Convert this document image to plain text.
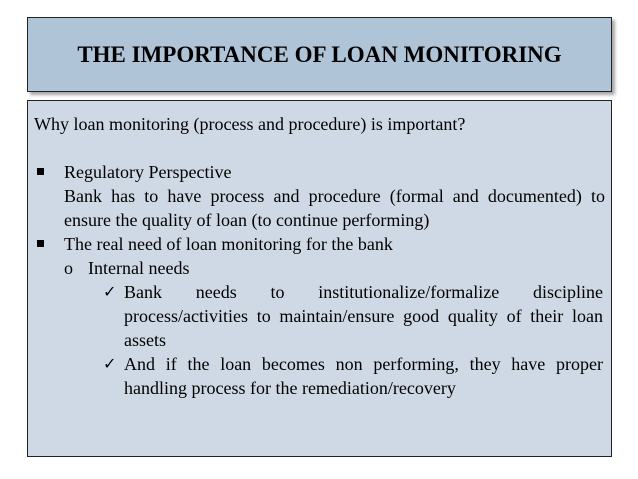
THE IMPORTANCE OF LOAN MONITORING
Why loan monitoring (process and procedure) is important?
Regulatory Perspective
Bank has to have process and procedure (formal and documented) to ensure the quality of loan (to continue performing)
The real need of loan monitoring for the bank
o Internal needs
✓ Bank needs to institutionalize/formalize discipline process/activities to maintain/ensure good quality of their loan assets
✓ And if the loan becomes non performing, they have proper handling process for the remediation/recovery
